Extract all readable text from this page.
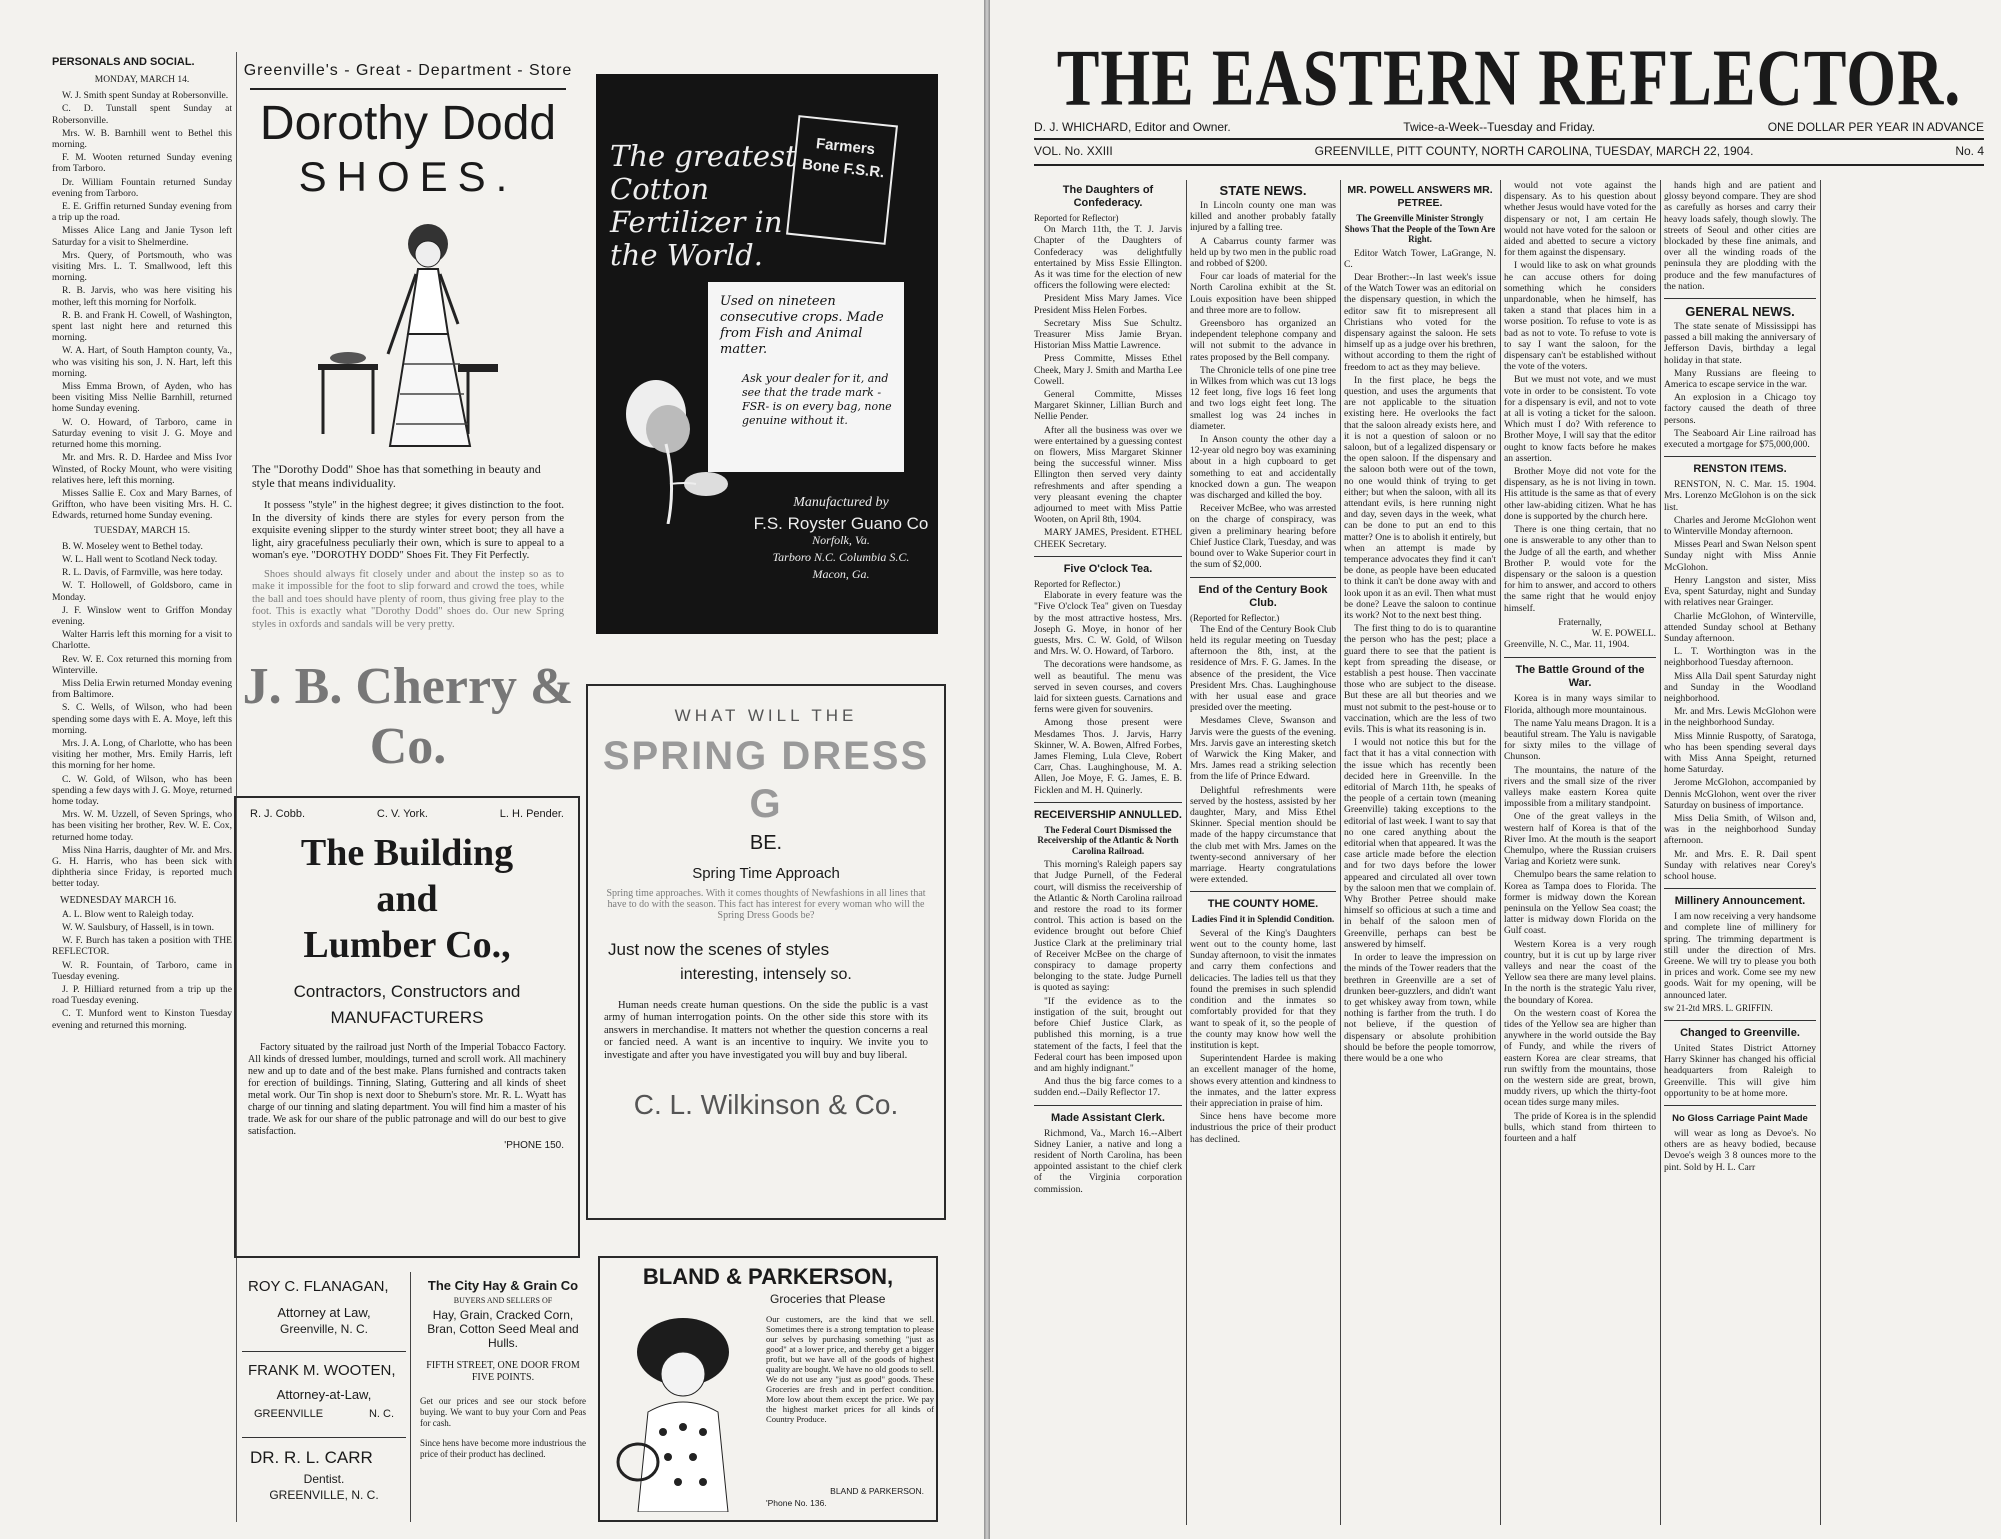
PERSONALS AND SOCIAL.
MONDAY, MARCH 14.

W. J. Smith spent Sunday at Robersonville.

C. D. Tunstall spent Sunday at Robersonville.

Mrs. W. B. Barnhill went to Bethel this morning.

F. M. Wooten returned Sunday evening from Tarboro.

Dr. William Fountain returned Sunday evening from Tarboro.

E. E. Griffin returned Sunday evening from a trip up the road.

Misses Alice Lang and Janie Tyson left Saturday for a visit to Shelmerdine.

Mrs. Query, of Portsmouth, who was visiting Mrs. L. T. Smallwood, left this morning.

R. B. Jarvis, who was here visiting his mother, left this morning for Norfolk.

R. B. and Frank H. Cowell, of Washington, spent last night here and returned this morning.

W. A. Hart, of South Hampton county, Va., who was visiting his son, J. N. Hart, left this morning.

Miss Emma Brown, of Ayden, who has been visiting Miss Nellie Barnhill, returned home Sunday evening.

W. O. Howard, of Tarboro, came in Saturday evening to visit J. G. Moye and returned home this morning.

Mr. and Mrs. R. D. Hardee and Miss Ivor Winsted, of Rocky Mount, who were visiting relatives here, left this morning.

Misses Sallie E. Cox and Mary Barnes, of Griffton, who have been visiting Mrs. H. C. Edwards, returned home Sunday evening.

TUESDAY, MARCH 15.

B. W. Moseley went to Bethel today.

W. L. Hall went to Scotland Neck today.

R. L. Davis, of Farmville, was here today.

W. T. Hollowell, of Goldsboro, came in Monday.

J. F. Winslow went to Griffon Monday evening.

Walter Harris left this morning for a visit to Charlotte.

Rev. W. E. Cox returned this morning from Winterville.

Miss Delia Erwin returned Monday evening from Baltimore.

S. C. Wells, of Wilson, who had been spending some days with E. A. Moye, left this morning.

Mrs. J. A. Long, of Charlotte, who has been visiting her mother, Mrs. Emily Harris, left this morning for her home.

C. W. Gold, of Wilson, who has been spending a few days with J. G. Moye, returned home today.

Mrs. W. M. Uzzell, of Seven Springs, who has been visiting her brother, Rev. W. E. Cox, returned home today.

Miss Nina Harris, daughter of Mr. and Mrs. G. H. Harris, who has been sick with diphtheria since Friday, is reported much better today.

WEDNESDAY MARCH 16.

A. L. Blow went to Raleigh today.

W. W. Saulsbury, of Hassell, is in town.

W. F. Burch has taken a position with THE REFLECTOR.

W. R. Fountain, of Tarboro, came in Tuesday evening.

J. P. Hilliard returned from a trip up the road Tuesday evening.

C. T. Munford went to Kinston Tuesday evening and returned this morning.

Greenville's - Great - Department - Store
Dorothy Dodd
SHOES.
The "Dorothy Dodd" Shoe has that something in beauty and style that means individuality.
It possess "style" in the highest degree; it gives distinction to the foot. In the diversity of kinds there are styles for every person from the exquisite evening slipper to the sturdy winter street boot; they all have a light, airy gracefulness peculiarly their own, which is sure to appeal to a woman's eye. "DOROTHY DODD" Shoes Fit. They Fit Perfectly.
Shoes should always fit closely under and about the instep so as to make it impossible for the foot to slip forward and crowd the toes, while the ball and toes should have plenty of room, thus giving free play to the foot. This is exactly what "Dorothy Dodd" shoes do. Our new Spring styles in oxfords and sandals will be very pretty.
J. B. Cherry & Co.
The greatest Cotton Fertilizer in the World.
Farmers Bone F.S.R.
Used on nineteen consecutive crops. Made from Fish and Animal matter.
Ask your dealer for it, and see that the trade mark -FSR- is on every bag, none genuine without it.
Manufactured by
F.S. Royster Guano Co
Norfolk, Va.
Tarboro N.C. Columbia S.C.
Macon, Ga.
R. J. Cobb.	C. V. York.	L. H. Pender.
The Building
and
Lumber Co.,
Contractors, Constructors and
MANUFACTURERS
Factory situated by the railroad just North of the Imperial Tobacco Factory. All kinds of dressed lumber, mouldings, turned and scroll work. All machinery new and up to date and of the best make. Plans furnished and contracts taken for erection of buildings. Tinning, Slating, Guttering and all kinds of sheet metal work. Our Tin shop is next door to Sheburn's store. Mr. R. L. Wyatt has charge of our tinning and slating department. You will find him a master of his trade. We ask for our share of the public patronage and will do our best to give satisfaction.
'PHONE 150.
WHAT WILL THE
SPRING DRESS G
BE.
Spring Time Approach
Spring time approaches. With it comes thoughts of Newfashions in all lines that have to do with the season. This fact has interest for every woman who will the Spring Dress Goods be?
Just now the scenes of styles
interesting, intensely so.
Human needs create human questions. On the side the public is a vast army of human interrogation points. On the other side this store with its answers in merchandise. It matters not whether the question concerns a real or fancied need. A want is an incentive to inquiry. We invite you to investigate and after you have investigated you will buy and buy liberal.
C. L. Wilkinson & Co.
ROY C. FLANAGAN,
Attorney at Law,
Greenville, N. C.
FRANK M. WOOTEN,
Attorney-at-Law,
GREENVILLE	N. C.
DR. R. L. CARR
Dentist.
GREENVILLE, N. C.
The City Hay & Grain Co
BUYERS AND SELLERS OF
Hay, Grain, Cracked Corn, Bran, Cotton Seed Meal and Hulls.
FIFTH STREET, ONE DOOR FROM FIVE POINTS.
Get our prices and see our stock before buying. We want to buy your Corn and Peas for cash.
Since hens have become more industrious the price of their product has declined.
BLAND & PARKERSON,
Groceries that Please
Our customers, are the kind that we sell. Sometimes there is a strong temptation to please our selves by purchasing something "just as good" at a lower price, and thereby get a bigger profit, but we have all of the goods of highest quality are bought. We have no old goods to sell. We do not use any "just as good" goods. These Groceries are fresh and in perfect condition. More low about them except the price. We pay the highest market prices for all kinds of Country Produce.
BLAND & PARKERSON.
'Phone No. 136.
THE EASTERN REFLECTOR.
D. J. WHICHARD, Editor and Owner.	Twice-a-Week--Tuesday and Friday.	ONE DOLLAR PER YEAR IN ADVANCE
VOL. No. XXIII	GREENVILLE, PITT COUNTY, NORTH CAROLINA, TUESDAY, MARCH 22, 1904.	No. 4
The Daughters of Confederacy.
Reported for Reflector)

On March 11th, the T. J. Jarvis Chapter of the Daughters of Confederacy was delightfully entertained by Miss Essie Ellington. As it was time for the election of new officers the following were elected:

President Miss Mary James. Vice President Miss Helen Forbes.

Secretary Miss Sue Schultz. Treasurer Miss Jamie Bryan. Historian Miss Mattie Lawrence.

Press Committe, Misses Ethel Cheek, Mary J. Smith and Martha Lee Cowell.

General Committe, Misses Margaret Skinner, Lillian Burch and Nellie Pender.

After all the business was over we were entertained by a guessing contest on flowers, Miss Margaret Skinner being the successful winner. Miss Ellington then served very dainty refreshments and after spending a very pleasant evening the chapter adjourned to meet with Miss Pattie Wooten, on April 8th, 1904.

MARY JAMES, President. ETHEL CHEEK Secretary.

Five O'clock Tea.
Reported for Reflector.)

Elaborate in every feature was the "Five O'clock Tea" given on Tuesday by the most attractive hostess, Mrs. Joseph G. Moye, in honor of her guests, Mrs. C. W. Gold, of Wilson and Mrs. W. O. Howard, of Tarboro.

The decorations were handsome, as well as beautiful. The menu was served in seven courses, and covers laid for sixteen guests. Carnations and ferns were given for souvenirs.

Among those present were Mesdames Thos. J. Jarvis, Harry Skinner, W. A. Bowen, Alfred Forbes, James Fleming, Lula Cleve, Robert Carr, Chas. Laughinghouse, M. A. Allen, Joe Moye, F. G. James, E. B. Ficklen and M. H. Quinerly.

RECEIVERSHIP ANNULLED.
The Federal Court Dismissed the Receivership of the Atlantic & North Carolina Railroad.

This morning's Raleigh papers say that Judge Purnell, of the Federal court, will dismiss the receivership of the Atlantic & North Carolina railroad and restore the road to its former control. This action is based on the evidence brought out before Chief Justice Clark at the preliminary trial of Receiver McBee on the charge of conspiracy to damage property belonging to the state. Judge Purnell is quoted as saying:

"If the evidence as to the instigation of the suit, brought out before Chief Justice Clark, as published this morning, is a true statement of the facts, I feel that the Federal court has been imposed upon and am highly indignant."

And thus the big farce comes to a sudden end.--Daily Reflector 17.

Made Assistant Clerk.

Richmond, Va., March 16.--Albert Sidney Lanier, a native and long a resident of North Carolina, has been appointed assistant to the chief clerk of the Virginia corporation commission.

STATE NEWS.

In Lincoln county one man was killed and another probably fatally injured by a falling tree.

A Cabarrus county farmer was held up by two men in the public road and robbed of $200.

Four car loads of material for the North Carolina exhibit at the St. Louis exposition have been shipped and three more are to follow.

Greensboro has organized an independent telephone company and will not submit to the advance in rates proposed by the Bell company.

The Chronicle tells of one pine tree in Wilkes from which was cut 13 logs 12 feet long, five logs 16 feet long and two logs eight feet long. The smallest log was 24 inches in diameter.

In Anson county the other day a 12-year old negro boy was examining about in a high cupboard to get something to eat and accidentally knocked down a gun. The weapon was discharged and killed the boy.

Receiver McBee, who was arrested on the charge of conspiracy, was given a preliminary hearing before Chief Justice Clark, Tuesday, and was bound over to Wake Superior court in the sum of $2,000.

End of the Century Book Club.
(Reported for Reflector.)

The End of the Century Book Club held its regular meeting on Tuesday afternoon the 8th, inst, at the residence of Mrs. F. G. James. In the absence of the president, the Vice President Mrs. Chas. Laughinghouse with her usual ease and grace presided over the meeting.

Mesdames Cleve, Swanson and Jarvis were the guests of the evening. Mrs. Jarvis gave an interesting sketch of Warwick the King Maker, and Mrs. James read a striking selection from the life of Prince Edward.

Delightful refreshments were served by the hostess, assisted by her daughter, Mary, and Miss Ethel Skinner. Special mention should be made of the happy circumstance that the club met with Mrs. James on the twenty-second anniversary of her marriage. Hearty congratulations were extended.

THE COUNTY HOME.
Ladies Find it in Splendid Condition.

Several of the King's Daughters went out to the county home, last Sunday afternoon, to visit the inmates and carry them confections and delicacies. The ladies tell us that they found the premises in such splendid condition and the inmates so comfortably provided for that they want to speak of it, so the people of the county may know how well the institution is kept.

Superintendent Hardee is making an excellent manager of the home, shows every attention and kindness to the inmates, and the latter express their appreciation in praise of him.

Since hens have become more industrious the price of their product has declined.

MR. POWELL ANSWERS MR. PETREE.
The Greenville Minister Strongly Shows That the People of the Town Are Right.

Editor Watch Tower, LaGrange, N. C.

Dear Brother:--In last week's issue of the Watch Tower was an editorial on the dispensary question, in which the editor saw fit to misrepresent all Christians who voted for the dispensary against the saloon. He sets himself up as a judge over his brethren, without according to them the right of freedom to act as they may believe.

In the first place, he begs the question, and uses the arguments that are not applicable to the situation existing here. He overlooks the fact that the saloon already exists here, and it is not a question of saloon or no saloon, but of a legalized dispensary or the open saloon. If the dispensary and the saloon both were out of the town, no one would think of trying to get either; but when the saloon, with all its attendant evils, is here running night and day, seven days in the week, what can be done to put an end to this matter? One is to abolish it entirely, but when an attempt is made by temperance advocates they find it can't be done, as people have been educated to think it can't be done away with and look upon it as an evil. Then what must be done? Leave the saloon to continue its work? Not to the next best thing.

The first thing to do is to quarantine the person who has the pest; place a guard there to see that the patient is kept from spreading the disease, or establish a pest house. Then vaccinate those who are subject to the disease. But these are all but theories and we must not submit to the pest-house or to vaccination, which are the less of two evils. This is what its reasoning is in.

I would not notice this but for the fact that it has a vital connection with the issue which has recently been decided here in Greenville. In the editorial of March 11th, he speaks of the people of a certain town (meaning Greenville) taking exceptions to the editorial of last week. I want to say that no one cared anything about the editorial when that appeared. It was the case article made before the election and for two days before the lower appeared and circulated all over town by the saloon men that we complain of. Why Brother Petree should make himself so officious at such a time and in behalf of the saloon men of Greenville, perhaps can best be answered by himself.

In order to leave the impression on the minds of the Tower readers that the brethren in Greenville are a set of drunken beer-guzzlers, and didn't want to get whiskey away from town, while nothing is farther from the truth. I do not believe, if the question of dispensary or absolute prohibition should be before the people tomorrow, there would be a one who

would not vote against the dispensary. As to his question about whether Jesus would have voted for the dispensary or not, I am certain He would not have voted for the saloon or aided and abetted to secure a victory for them against the dispensary.

I would like to ask on what grounds he can accuse others for doing something which he considers unpardonable, when he himself, has taken a stand that places him in a worse position. To refuse to vote is as bad as not to vote. To refuse to vote is to say I want the saloon, for the dispensary can't be established without the vote of the voters.

But we must not vote, and we must vote in order to be consistent. To vote for a dispensary is evil, and not to vote at all is voting a ticket for the saloon. Which must I do? With reference to Brother Moye, I will say that the editor ought to know facts before he makes an assertion.

Brother Moye did not vote for the dispensary, as he is not living in town. His attitude is the same as that of every other law-abiding citizen. What he has done is supported by the church here.

There is one thing certain, that no one is answerable to any other than to the Judge of all the earth, and whether Brother P. would vote for the dispensary or the saloon is a question for him to answer, and accord to others the same right that he would enjoy himself.

Fraternally,
W. E. POWELL.
Greenville, N. C., Mar. 11, 1904.
The Battle Ground of the War.

Korea is in many ways similar to Florida, although more mountainous.

The name Yalu means Dragon. It is a beautiful stream. The Yalu is navigable for sixty miles to the village of Chunson.

The mountains, the nature of the rivers and the small size of the river valleys make eastern Korea quite impossible from a military standpoint.

One of the great valleys in the western half of Korea is that of the River Imo. At the mouth is the seaport Chemulpo, where the Russian cruisers Variag and Korietz were sunk.

Chemulpo bears the same relation to Korea as Tampa does to Florida. The former is midway down the Korean peninsula on the Yellow Sea coast; the latter is midway down Florida on the Gulf coast.

Western Korea is a very rough country, but it is cut up by large river valleys and near the coast of the Yellow sea there are many level plains. In the north is the strategic Yalu river, the boundary of Korea.

On the western coast of Korea the tides of the Yellow sea are higher than anywhere in the world outside the Bay of Fundy, and while the rivers of eastern Korea are clear streams, that run swiftly from the mountains, those on the western side are great, brown, muddy rivers, up which the thirty-foot ocean tides surge many miles.

The pride of Korea is in the splendid bulls, which stand from thirteen to fourteen and a half

hands high and are patient and glossy beyond compare. They are shod as carefully as horses and carry their heavy loads safely, though slowly. The streets of Seoul and other cities are blockaded by these fine animals, and over all the winding roads of the peninsula they are plodding with the produce and the few manufactures of the nation.

GENERAL NEWS.

The state senate of Mississippi has passed a bill making the anniversary of Jefferson Davis, birthday a legal holiday in that state.

Many Russians are fleeing to America to escape service in the war.

An explosion in a Chicago toy factory caused the death of three persons.

The Seaboard Air Line railroad has executed a mortgage for $75,000,000.

RENSTON ITEMS.

RENSTON, N. C. Mar. 15. 1904. Mrs. Lorenzo McGlohon is on the sick list.

Charles and Jerome McGlohon went to Winterville Monday afternoon.

Misses Pearl and Swan Nelson spent Sunday night with Miss Annie McGlohon.

Henry Langston and sister, Miss Eva, spent Saturday, night and Sunday with relatives near Grainger.

Charlie McGlohon, of Winterville, attended Sunday school at Bethany Sunday afternoon.

L. T. Worthington was in the neighborhood Tuesday afternoon.

Miss Alla Dail spent Saturday night and Sunday in the Woodland neighborhood.

Mr. and Mrs. Lewis McGlohon were in the neighborhood Sunday.

Miss Minnie Ruspotty, of Saratoga, who has been spending several days with Miss Anna Speight, returned home Saturday.

Jerome McGlohon, accompanied by Dennis McGlohon, went over the river Saturday on business of importance.

Miss Delia Smith, of Wilson and, was in the neighborhood Sunday afternoon.

Mr. and Mrs. E. R. Dail spent Sunday with relatives near Corey's school house.

Millinery Announcement.

I am now receiving a very handsome and complete line of millinery for spring. The trimming department is still under the direction of Mrs. Greene. We will try to please you both in prices and work. Come see my new goods. Wait for my opening, will be announced later.

sw 21-2td MRS. L. GRIFFIN.
Changed to Greenville.

United States District Attorney Harry Skinner has changed his official headquarters from Raleigh to Greenville. This will give him opportunity to be at home more.

No Gloss Carriage Paint Made

will wear as long as Devoe's. No others are as heavy bodied, because Devoe's weigh 3 8 ounces more to the pint. Sold by H. L. Carr
